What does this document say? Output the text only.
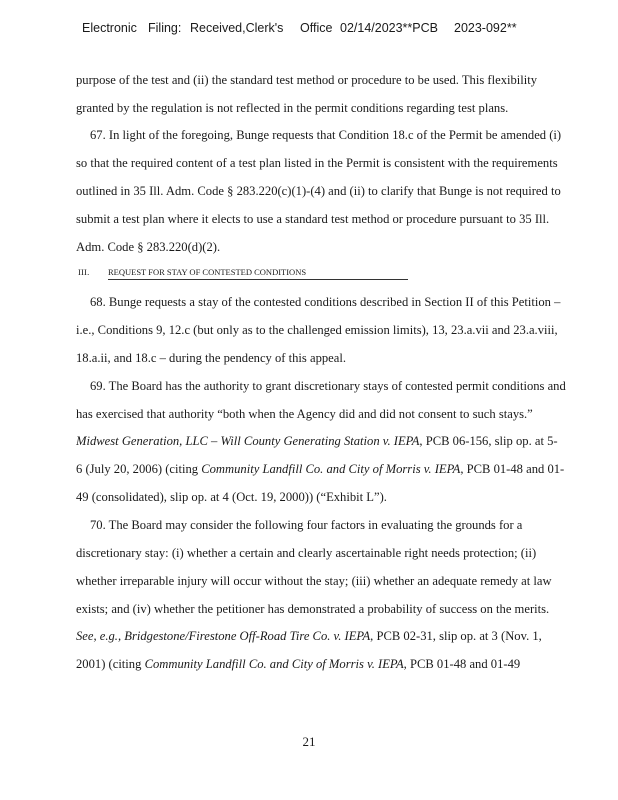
Electronic Filing: Received,Clerk's Office 02/14/2023**PCB 2023-092**
purpose of the test and (ii) the standard test method or procedure to be used. This flexibility
granted by the regulation is not reflected in the permit conditions regarding test plans.
67. In light of the foregoing, Bunge requests that Condition 18.c of the Permit be amended (i)
so that the required content of a test plan listed in the Permit is consistent with the requirements
outlined in 35 Ill. Adm. Code § 283.220(c)(1)-(4) and (ii) to clarify that Bunge is not required to
submit a test plan where it elects to use a standard test method or procedure pursuant to 35 Ill.
Adm. Code § 283.220(d)(2).
III. REQUEST FOR STAY OF CONTESTED CONDITIONS
68. Bunge requests a stay of the contested conditions described in Section II of this Petition –
i.e., Conditions 9, 12.c (but only as to the challenged emission limits), 13, 23.a.vii and 23.a.viii,
18.a.ii, and 18.c – during the pendency of this appeal.
69. The Board has the authority to grant discretionary stays of contested permit conditions and
has exercised that authority “both when the Agency did and did not consent to such stays.”
Midwest Generation, LLC – Will County Generating Station v. IEPA, PCB 06-156, slip op. at 5-
6 (July 20, 2006) (citing Community Landfill Co. and City of Morris v. IEPA, PCB 01-48 and 01-
49 (consolidated), slip op. at 4 (Oct. 19, 2000)) (“Exhibit L”).
70. The Board may consider the following four factors in evaluating the grounds for a
discretionary stay: (i) whether a certain and clearly ascertainable right needs protection; (ii)
whether irreparable injury will occur without the stay; (iii) whether an adequate remedy at law
exists; and (iv) whether the petitioner has demonstrated a probability of success on the merits.
See, e.g., Bridgestone/Firestone Off-Road Tire Co. v. IEPA, PCB 02-31, slip op. at 3 (Nov. 1,
2001) (citing Community Landfill Co. and City of Morris v. IEPA, PCB 01-48 and 01-49
21
